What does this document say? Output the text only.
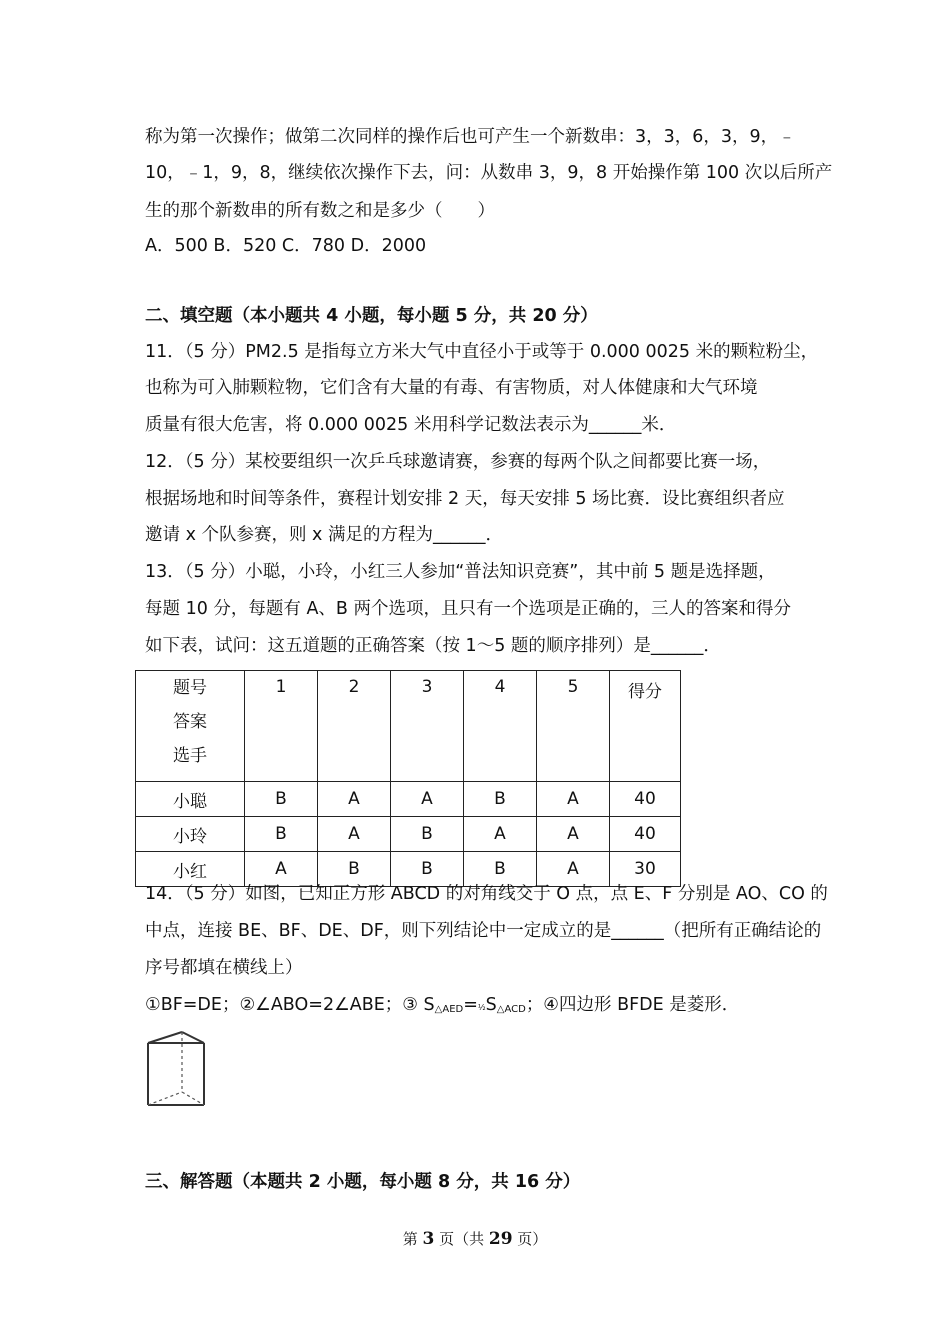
称为第一次操作；做第二次同样的操作后也可产生一个新数串：3，3，6，3，9，﹣
10，﹣1，9，8，继续依次操作下去，问：从数串 3，9，8 开始操作第 100 次以后所产
生的那个新数串的所有数之和是多少（　　）
A．500 B．520 C．780 D．2000
二、填空题（本小题共 4 小题，每小题 5 分，共 20 分）
11．（5 分）PM2.5 是指每立方米大气中直径小于或等于 0.000 0025 米的颗粒粉尘，
也称为可入肺颗粒物，它们含有大量的有毒、有害物质，对人体健康和大气环境
质量有很大危害，将 0.000 0025 米用科学记数法表示为______米．
12．（5 分）某校要组织一次乒乓球邀请赛，参赛的每两个队之间都要比赛一场，
根据场地和时间等条件，赛程计划安排 2 天，每天安排 5 场比赛．设比赛组织者应
邀请 x 个队参赛，则 x 满足的方程为______．
13．（5 分）小聪，小玲，小红三人参加“普法知识竞赛”，其中前 5 题是选择题，
每题 10 分，每题有 A、B 两个选项，且只有一个选项是正确的，三人的答案和得分
如下表，试问：这五道题的正确答案（按 1～5 题的顺序排列）是______．
题号
答案
选手	1	2	3	4	5	得分
小聪	B	A	A	B	A	40
小玲	B	A	B	A	A	40
小红	A	B	B	B	A	30
14．（5 分）如图，已知正方形 ABCD 的对角线交于 O 点，点 E、F 分别是 AO、CO 的
中点，连接 BE、BF、DE、DF，则下列结论中一定成立的是______（把所有正确结论的
序号都填在横线上）
①BF=DE；②∠ABO=2∠ABE；③ $S_{\triangle AED}=\frac{1}{2}S_{\triangle ACD}$；④四边形 BFDE 是菱形．
三、解答题（本题共 2 小题，每小题 8 分，共 16 分）
第 3 页（共 29 页）
